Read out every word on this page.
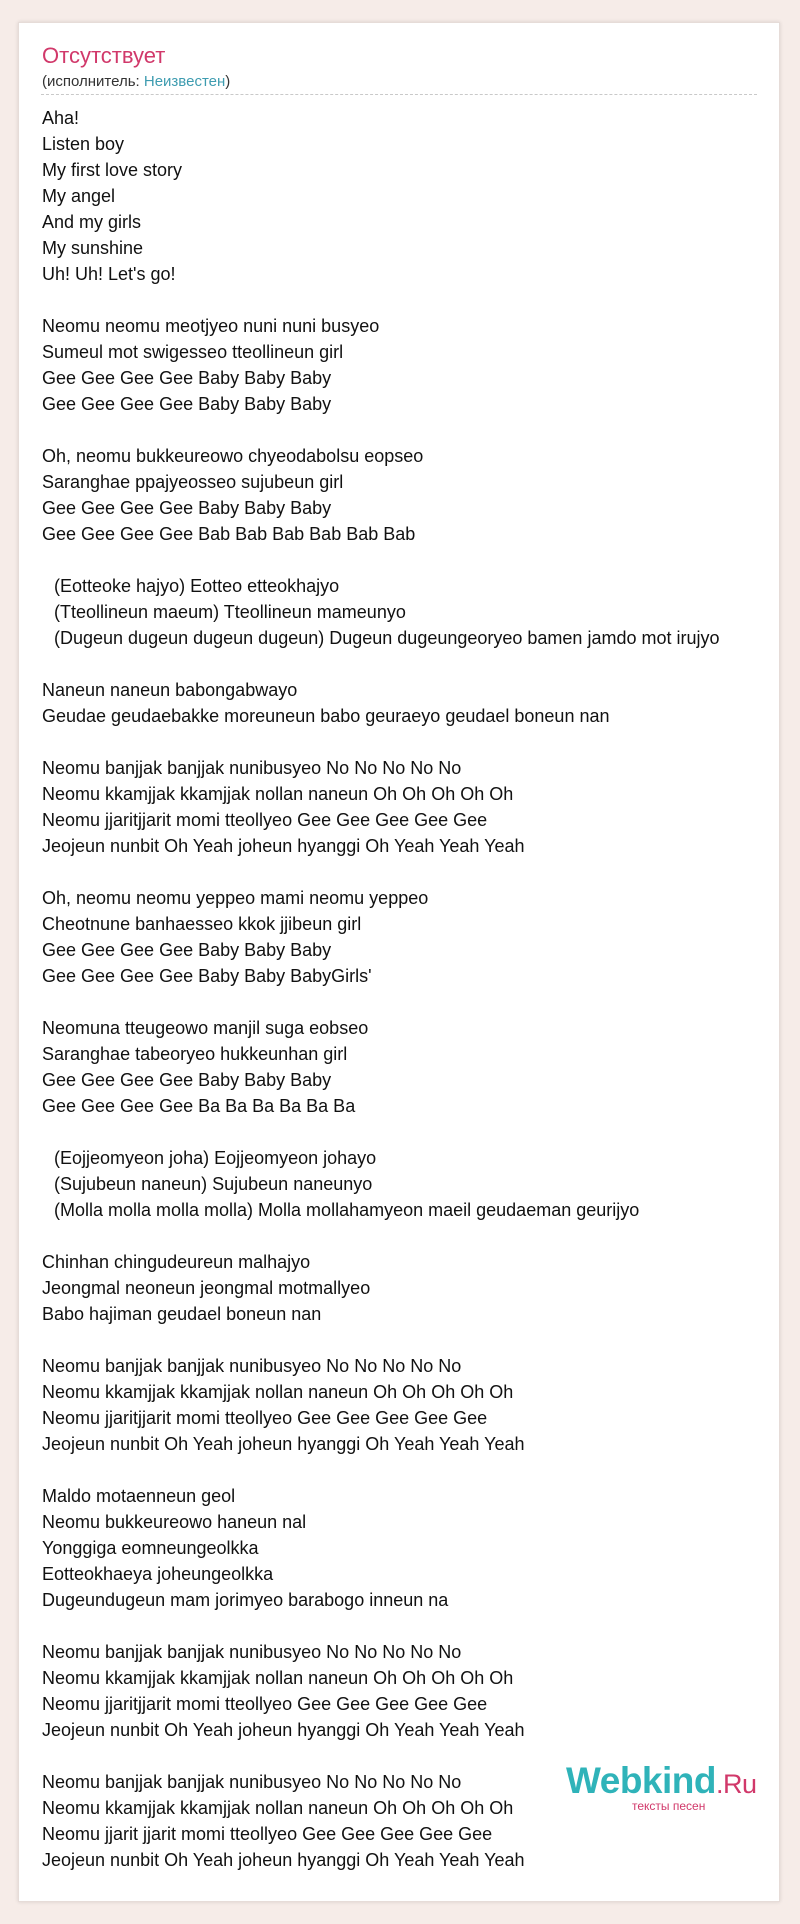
Отсутствует
(исполнитель: Неизвестен)
Aha!
Listen boy
My first love story
My angel
And my girls
My sunshine
Uh! Uh! Let's go!
Neomu neomu meotjyeo nuni nuni busyeo
Sumeul mot swigesseo tteollineun girl
Gee Gee Gee Gee Baby Baby Baby
Gee Gee Gee Gee Baby Baby Baby
Oh, neomu bukkeureowo chyeodabolsu eopseo
Saranghae ppajyeosseo sujubeun girl
Gee Gee Gee Gee Baby Baby Baby
Gee Gee Gee Gee Bab Bab Bab Bab Bab Bab
(Eotteoke hajyo) Eotteo etteokhajyo
(Tteollineun maeum) Tteollineun mameunyo
(Dugeun dugeun dugeun dugeun) Dugeun dugeungeoryeo bamen jamdo mot irujyo
Naneun naneun babongabwayo
Geudae geudaebakke moreuneun babo geuraeyo geudael boneun nan
Neomu banjjak banjjak nunibusyeo No No No No No
Neomu kkamjjak kkamjjak nollan naneun Oh Oh Oh Oh Oh
Neomu jjaritjjarit momi tteollyeo Gee Gee Gee Gee Gee
Jeojeun nunbit Oh Yeah joheun hyanggi Oh Yeah Yeah Yeah
Oh, neomu neomu yeppeo mami neomu yeppeo
Cheotnune banhaesseo kkok jjibeun girl
Gee Gee Gee Gee Baby Baby Baby
Gee Gee Gee Gee Baby Baby BabyGirls'
Neomuna tteugeowo manjil suga eobseo
Saranghae tabeoryeo hukkeunhan girl
Gee Gee Gee Gee Baby Baby Baby
Gee Gee Gee Gee Ba Ba Ba Ba Ba Ba
(Eojjeomyeon joha) Eojjeomyeon johayo
(Sujubeun naneun) Sujubeun naneunyo
(Molla molla molla molla) Molla mollahamyeon maeil geudaeman geurijyo
Chinhan chingudeureun malhajyo
Jeongmal neoneun jeongmal motmallyeo
Babo hajiman geudael boneun nan
Neomu banjjak banjjak nunibusyeo No No No No No
Neomu kkamjjak kkamjjak nollan naneun Oh Oh Oh Oh Oh
Neomu jjaritjjarit momi tteollyeo Gee Gee Gee Gee Gee
Jeojeun nunbit Oh Yeah joheun hyanggi Oh Yeah Yeah Yeah
Maldo motaenneun geol
Neomu bukkeureowo haneun nal
Yonggiga eomneungeolkka
Eotteokhaeya joheungeolkka
Dugeundugeun mam jorimyeo barabogo inneun na
Neomu banjjak banjjak nunibusyeo No No No No No
Neomu kkamjjak kkamjjak nollan naneun Oh Oh Oh Oh Oh
Neomu jjaritjjarit momi tteollyeo Gee Gee Gee Gee Gee
Jeojeun nunbit Oh Yeah joheun hyanggi Oh Yeah Yeah Yeah
Neomu banjjak banjjak nunibusyeo No No No No No
Neomu kkamjjak kkamjjak nollan naneun Oh Oh Oh Oh Oh
Neomu jjarit jjarit momi tteollyeo Gee Gee Gee Gee Gee
Jeojeun nunbit Oh Yeah joheun hyanggi Oh Yeah Yeah Yeah
Webkind.Ru
тексты песен
